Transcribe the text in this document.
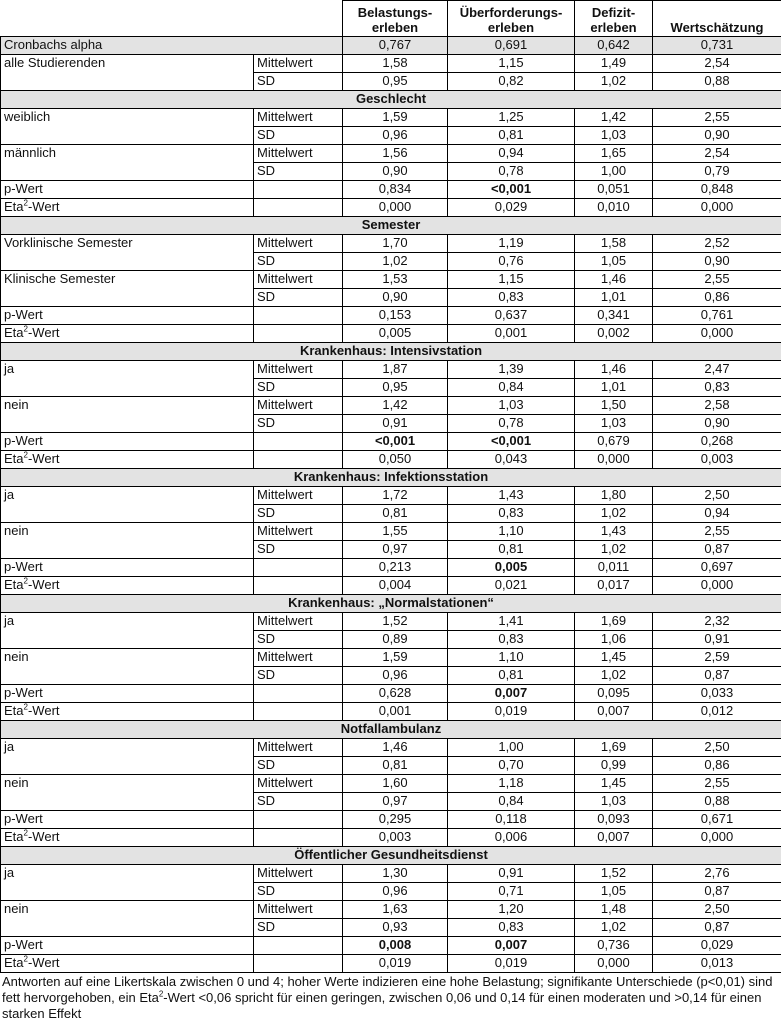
		Belastungs-erleben	Überforderungs-erleben	Defizit-erleben	Wertschätzung
Cronbachs alpha		0,767	0,691	0,642	0,731
alle Studierenden	Mittelwert	1,58	1,15	1,49	2,54
	SD	0,95	0,82	1,02	0,88
Geschlecht					
weiblich	Mittelwert	1,59	1,25	1,42	2,55
	SD	0,96	0,81	1,03	0,90
männlich	Mittelwert	1,56	0,94	1,65	2,54
	SD	0,90	0,78	1,00	0,79
p-Wert		0,834	<0,001	0,051	0,848
Eta$^2$-Wert		0,000	0,029	0,010	0,000
Semester					
Vorklinische Semester	Mittelwert	1,70	1,19	1,58	2,52
	SD	1,02	0,76	1,05	0,90
Klinische Semester	Mittelwert	1,53	1,15	1,46	2,55
	SD	0,90	0,83	1,01	0,86
p-Wert		0,153	0,637	0,341	0,761
Eta$^2$-Wert		0,005	0,001	0,002	0,000
Krankenhaus: Intensivstation					
ja	Mittelwert	1,87	1,39	1,46	2,47
	SD	0,95	0,84	1,01	0,83
nein	Mittelwert	1,42	1,03	1,50	2,58
	SD	0,91	0,78	1,03	0,90
p-Wert		<0,001	<0,001	0,679	0,268
Eta$^2$-Wert		0,050	0,043	0,000	0,003
Krankenhaus: Infektionsstation					
ja	Mittelwert	1,72	1,43	1,80	2,50
	SD	0,81	0,83	1,02	0,94
nein	Mittelwert	1,55	1,10	1,43	2,55
	SD	0,97	0,81	1,02	0,87
p-Wert		0,213	0,005	0,011	0,697
Eta$^2$-Wert		0,004	0,021	0,017	0,000
Krankenhaus: „Normalstationen“					
ja	Mittelwert	1,52	1,41	1,69	2,32
	SD	0,89	0,83	1,06	0,91
nein	Mittelwert	1,59	1,10	1,45	2,59
	SD	0,96	0,81	1,02	0,87
p-Wert		0,628	0,007	0,095	0,033
Eta$^2$-Wert		0,001	0,019	0,007	0,012
Notfallambulanz					
ja	Mittelwert	1,46	1,00	1,69	2,50
	SD	0,81	0,70	0,99	0,86
nein	Mittelwert	1,60	1,18	1,45	2,55
	SD	0,97	0,84	1,03	0,88
p-Wert		0,295	0,118	0,093	0,671
Eta$^2$-Wert		0,003	0,006	0,007	0,000
Öffentlicher Gesundheitsdienst					
ja	Mittelwert	1,30	0,91	1,52	2,76
	SD	0,96	0,71	1,05	0,87
nein	Mittelwert	1,63	1,20	1,48	2,50
	SD	0,93	0,83	1,02	0,87
p-Wert		0,008	0,007	0,736	0,029
Eta$^2$-Wert		0,019	0,019	0,000	0,013
Antworten auf eine Likertskala zwischen 0 und 4; hoher Werte indizieren eine hohe Belastung; signifikante Unterschiede (p<0,01) sind fett hervorgehoben, ein Eta$^2$-Wert <0,06 spricht für einen geringen, zwischen 0,06 und 0,14 für einen moderaten und >0,14 für einen starken Effekt
